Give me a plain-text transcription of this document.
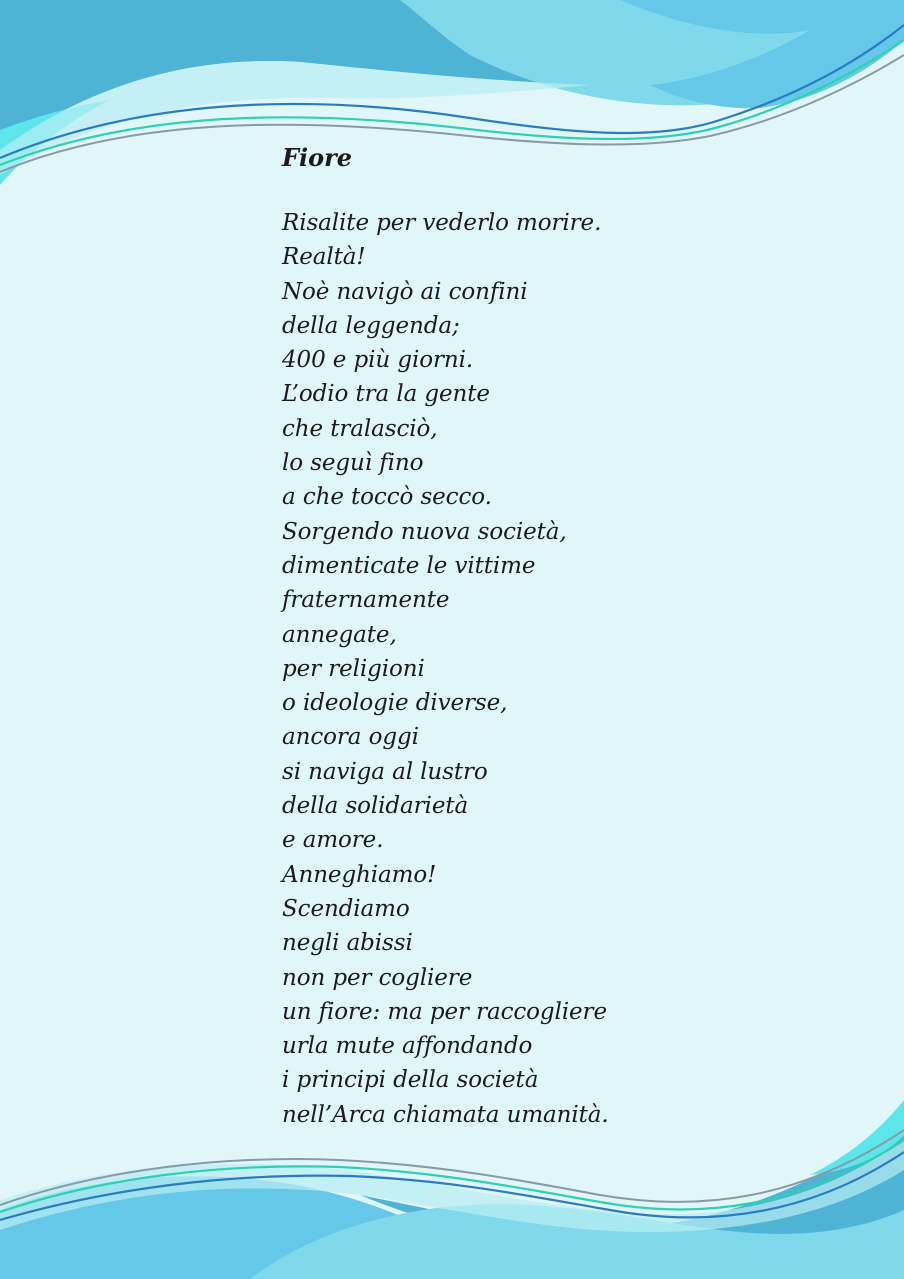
Fiore
Risalite per vederlo morire.
Realtà!
Noè navigò ai confini
della leggenda;
400 e più giorni.
L’odio tra la gente
che tralasciò,
lo seguì fino
a che toccò secco.
Sorgendo nuova società,
dimenticate le vittime
fraternamente
annegate,
per religioni
o ideologie diverse,
ancora oggi
si naviga al lustro
della solidarietà
e amore.
Anneghiamo!
Scendiamo
negli abissi
non per cogliere
un fiore: ma per raccogliere
urla mute affondando
i principi della società
nell’Arca chiamata umanità.
